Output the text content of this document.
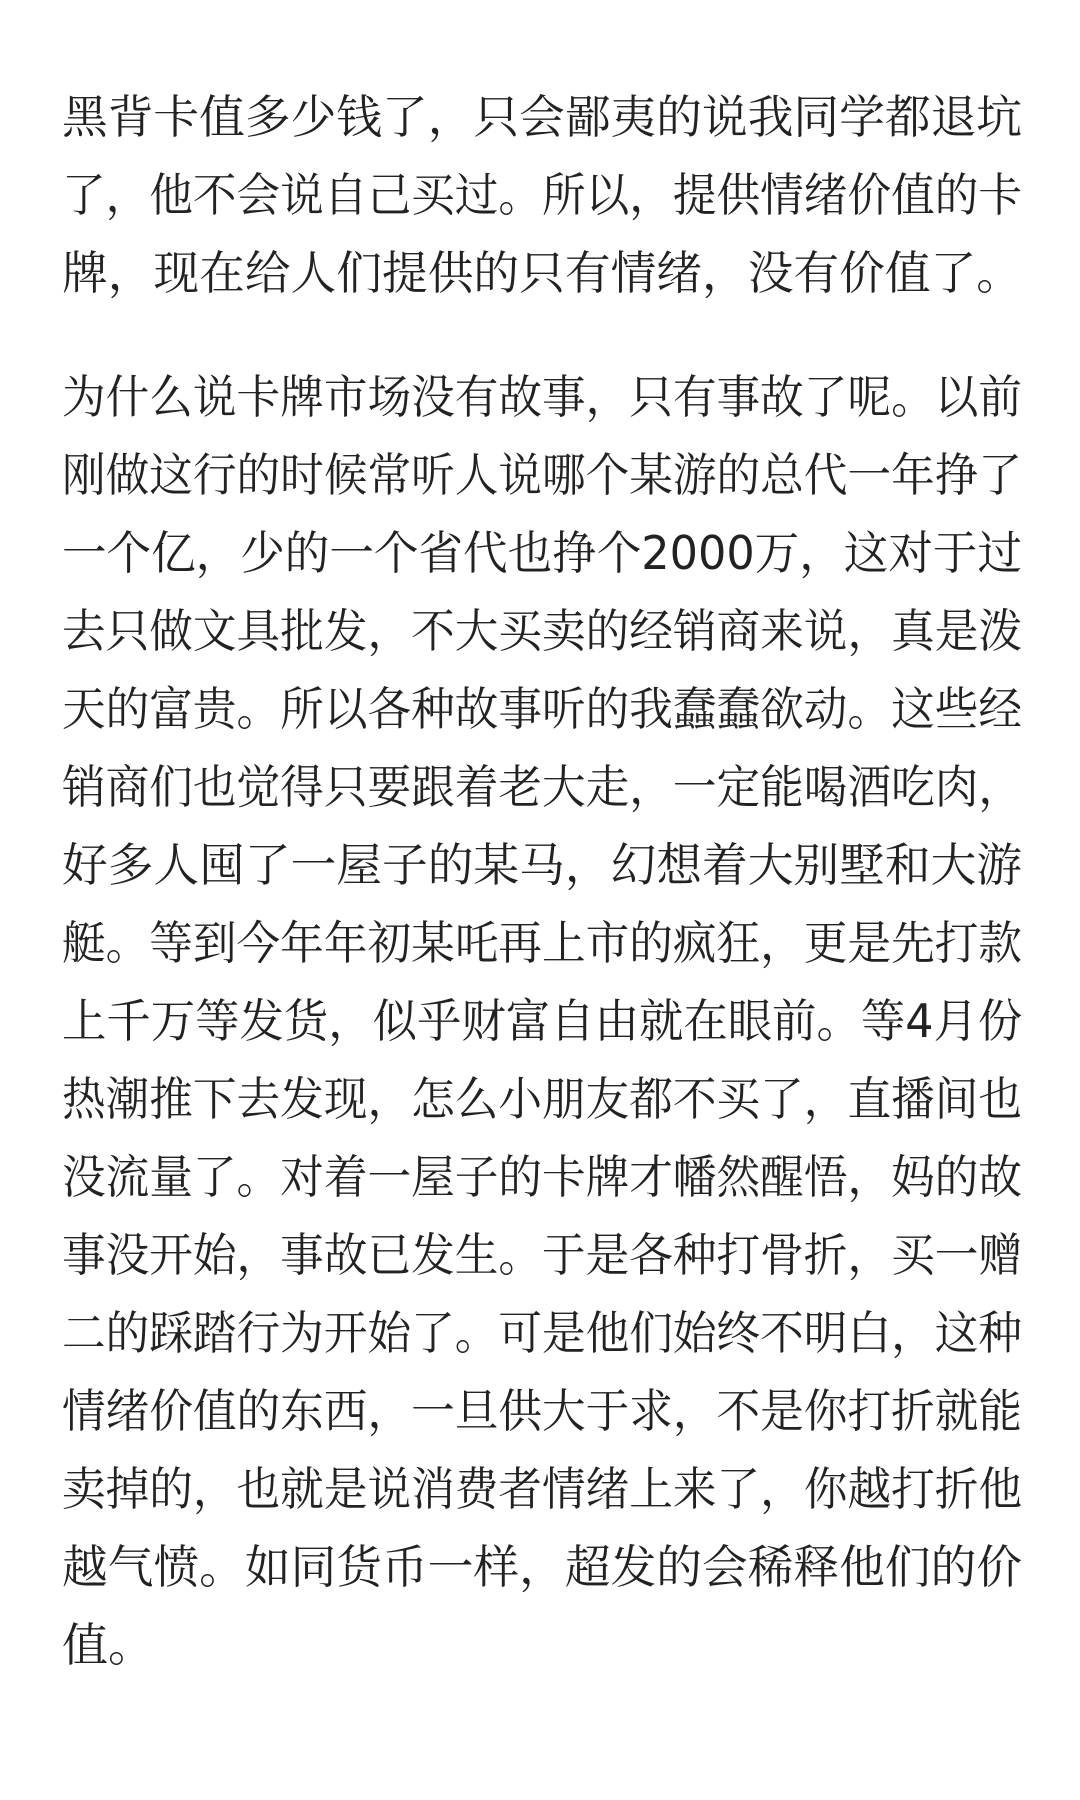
黑背卡值多少钱了，只会鄙夷的说我同学都退坑
了，他不会说自己买过。所以，提供情绪价值的卡
牌，现在给人们提供的只有情绪，没有价值了。
为什么说卡牌市场没有故事，只有事故了呢。以前
刚做这行的时候常听人说哪个某游的总代一年挣了
一个亿，少的一个省代也挣个2000万，这对于过
去只做文具批发，不大买卖的经销商来说，真是泼
天的富贵。所以各种故事听的我蠢蠢欲动。这些经
销商们也觉得只要跟着老大走，一定能喝酒吃肉，
好多人囤了一屋子的某马，幻想着大别墅和大游
艇。等到今年年初某吒再上市的疯狂，更是先打款
上千万等发货，似乎财富自由就在眼前。等4月份
热潮推下去发现，怎么小朋友都不买了，直播间也
没流量了。对着一屋子的卡牌才幡然醒悟，妈的故
事没开始，事故已发生。于是各种打骨折，买一赠
二的踩踏行为开始了。可是他们始终不明白，这种
情绪价值的东西，一旦供大于求，不是你打折就能
卖掉的，也就是说消费者情绪上来了，你越打折他
越气愤。如同货币一样，超发的会稀释他们的价
值。
